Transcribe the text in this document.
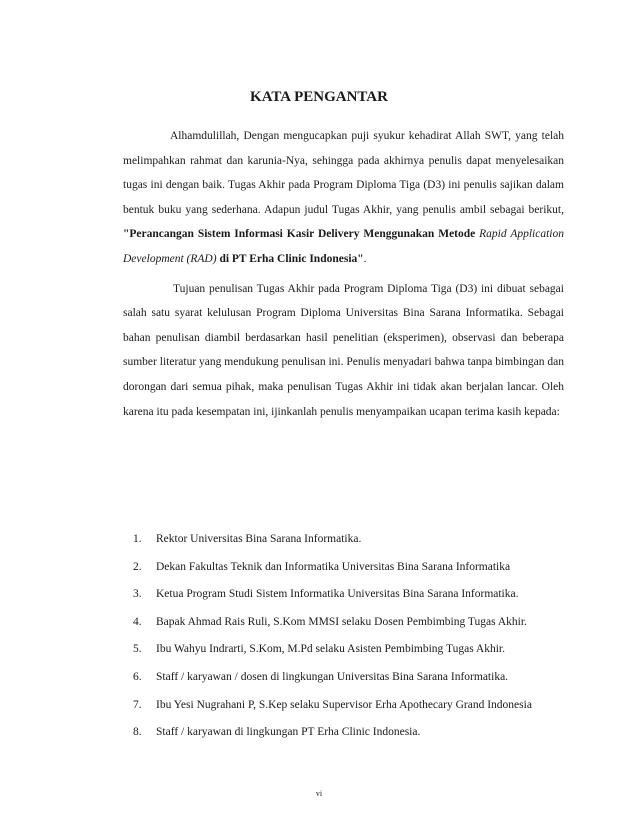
KATA PENGANTAR

Alhamdulillah, Dengan mengucapkan puji syukur kehadirat Allah SWT, yang telah melimpahkan rahmat dan karunia-Nya, sehingga pada akhirnya penulis dapat menyelesaikan tugas ini dengan baik. Tugas Akhir pada Program Diploma Tiga (D3) ini penulis sajikan dalam bentuk buku yang sederhana. Adapun judul Tugas Akhir, yang penulis ambil sebagai berikut, "Perancangan Sistem Informasi Kasir Delivery Menggunakan Metode Rapid Application Development (RAD) di PT Erha Clinic Indonesia".

Tujuan penulisan Tugas Akhir pada Program Diploma Tiga (D3) ini dibuat sebagai salah satu syarat kelulusan Program Diploma Universitas Bina Sarana Informatika. Sebagai bahan penulisan diambil berdasarkan hasil penelitian (eksperimen), observasi dan beberapa sumber literatur yang mendukung penulisan ini. Penulis menyadari bahwa tanpa bimbingan dan dorongan dari semua pihak, maka penulisan Tugas Akhir ini tidak akan berjalan lancar. Oleh karena itu pada kesempatan ini, ijinkanlah penulis menyampaikan ucapan terima kasih kepada:

1. Rektor Universitas Bina Sarana Informatika.
2. Dekan Fakultas Teknik dan Informatika Universitas Bina Sarana Informatika
3. Ketua Program Studi Sistem Informatika Universitas Bina Sarana Informatika.
4. Bapak Ahmad Rais Ruli, S.Kom MMSI selaku Dosen Pembimbing Tugas Akhir.
5. Ibu Wahyu Indrarti, S.Kom, M.Pd selaku Asisten Pembimbing Tugas Akhir.
6. Staff / karyawan / dosen di lingkungan Universitas Bina Sarana Informatika.
7. Ibu Yesi Nugrahani P, S.Kep selaku Supervisor Erha Apothecary Grand Indonesia
8. Staff / karyawan di lingkungan PT Erha Clinic Indonesia.
vi
